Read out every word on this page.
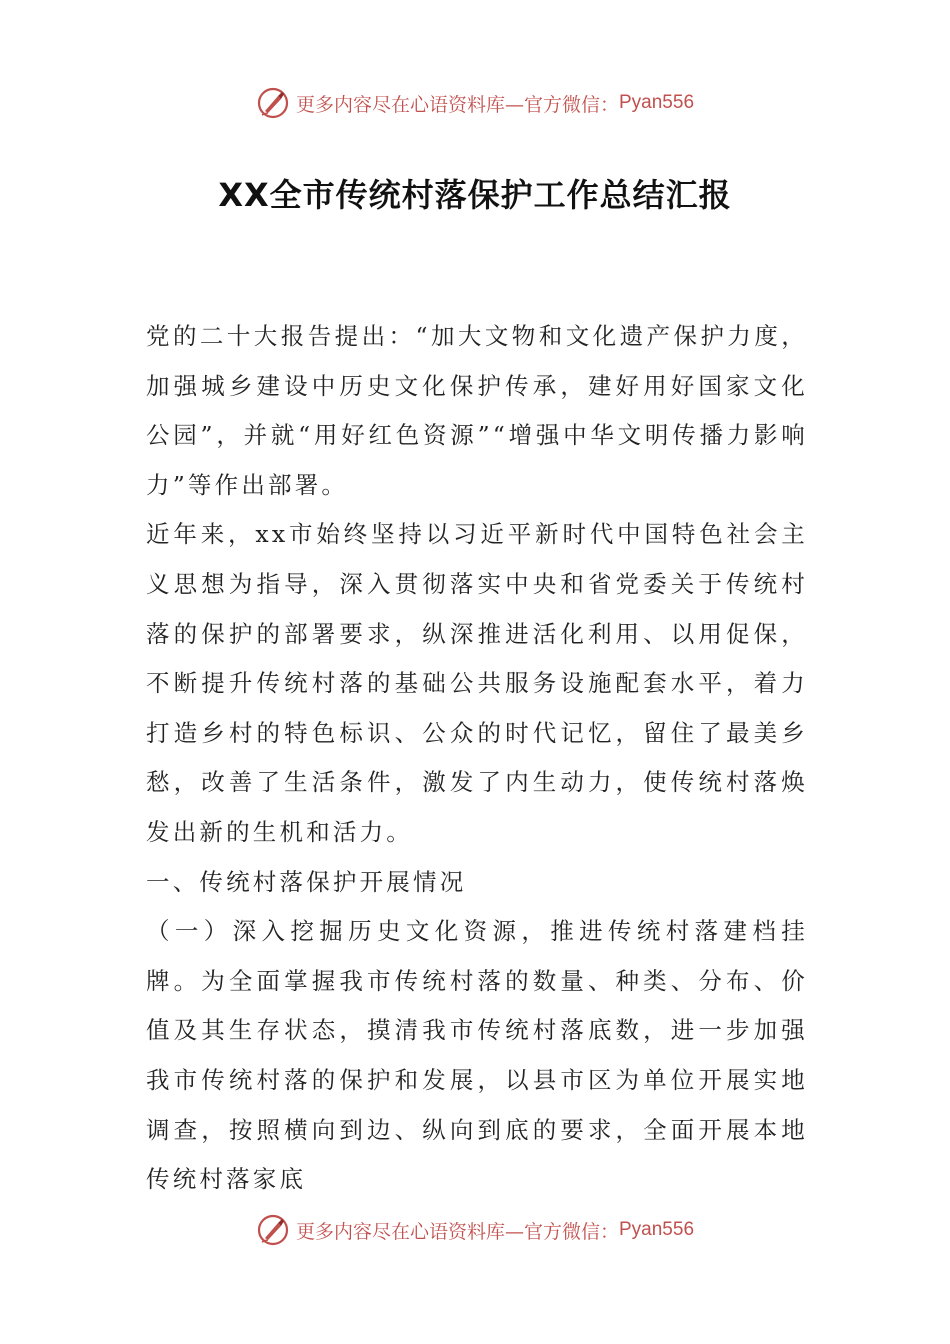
更多内容尽在心语资料库—官方微信： Pyan556
XX全市传统村落保护工作总结汇报

党的二十大报告提出：“加大文物和文化遗产保护力度，加强城乡建设中历史文化保护传承，建好用好国家文化公园”，并就“用好红色资源”“增强中华文明传播力影响力”等作出部署。

近年来，xx市始终坚持以习近平新时代中国特色社会主义思想为指导，深入贯彻落实中央和省党委关于传统村落的保护的部署要求，纵深推进活化利用、以用促保，不断提升传统村落的基础公共服务设施配套水平，着力打造乡村的特色标识、公众的时代记忆，留住了最美乡愁，改善了生活条件，激发了内生动力，使传统村落焕发出新的生机和活力。

一、传统村落保护开展情况

（一）深入挖掘历史文化资源，推进传统村落建档挂牌。为全面掌握我市传统村落的数量、种类、分布、价值及其生存状态，摸清我市传统村落底数，进一步加强我市传统村落的保护和发展，以县市区为单位开展实地调查，按照横向到边、纵向到底的要求，全面开展本地传统村落家底

更多内容尽在心语资料库—官方微信： Pyan556
